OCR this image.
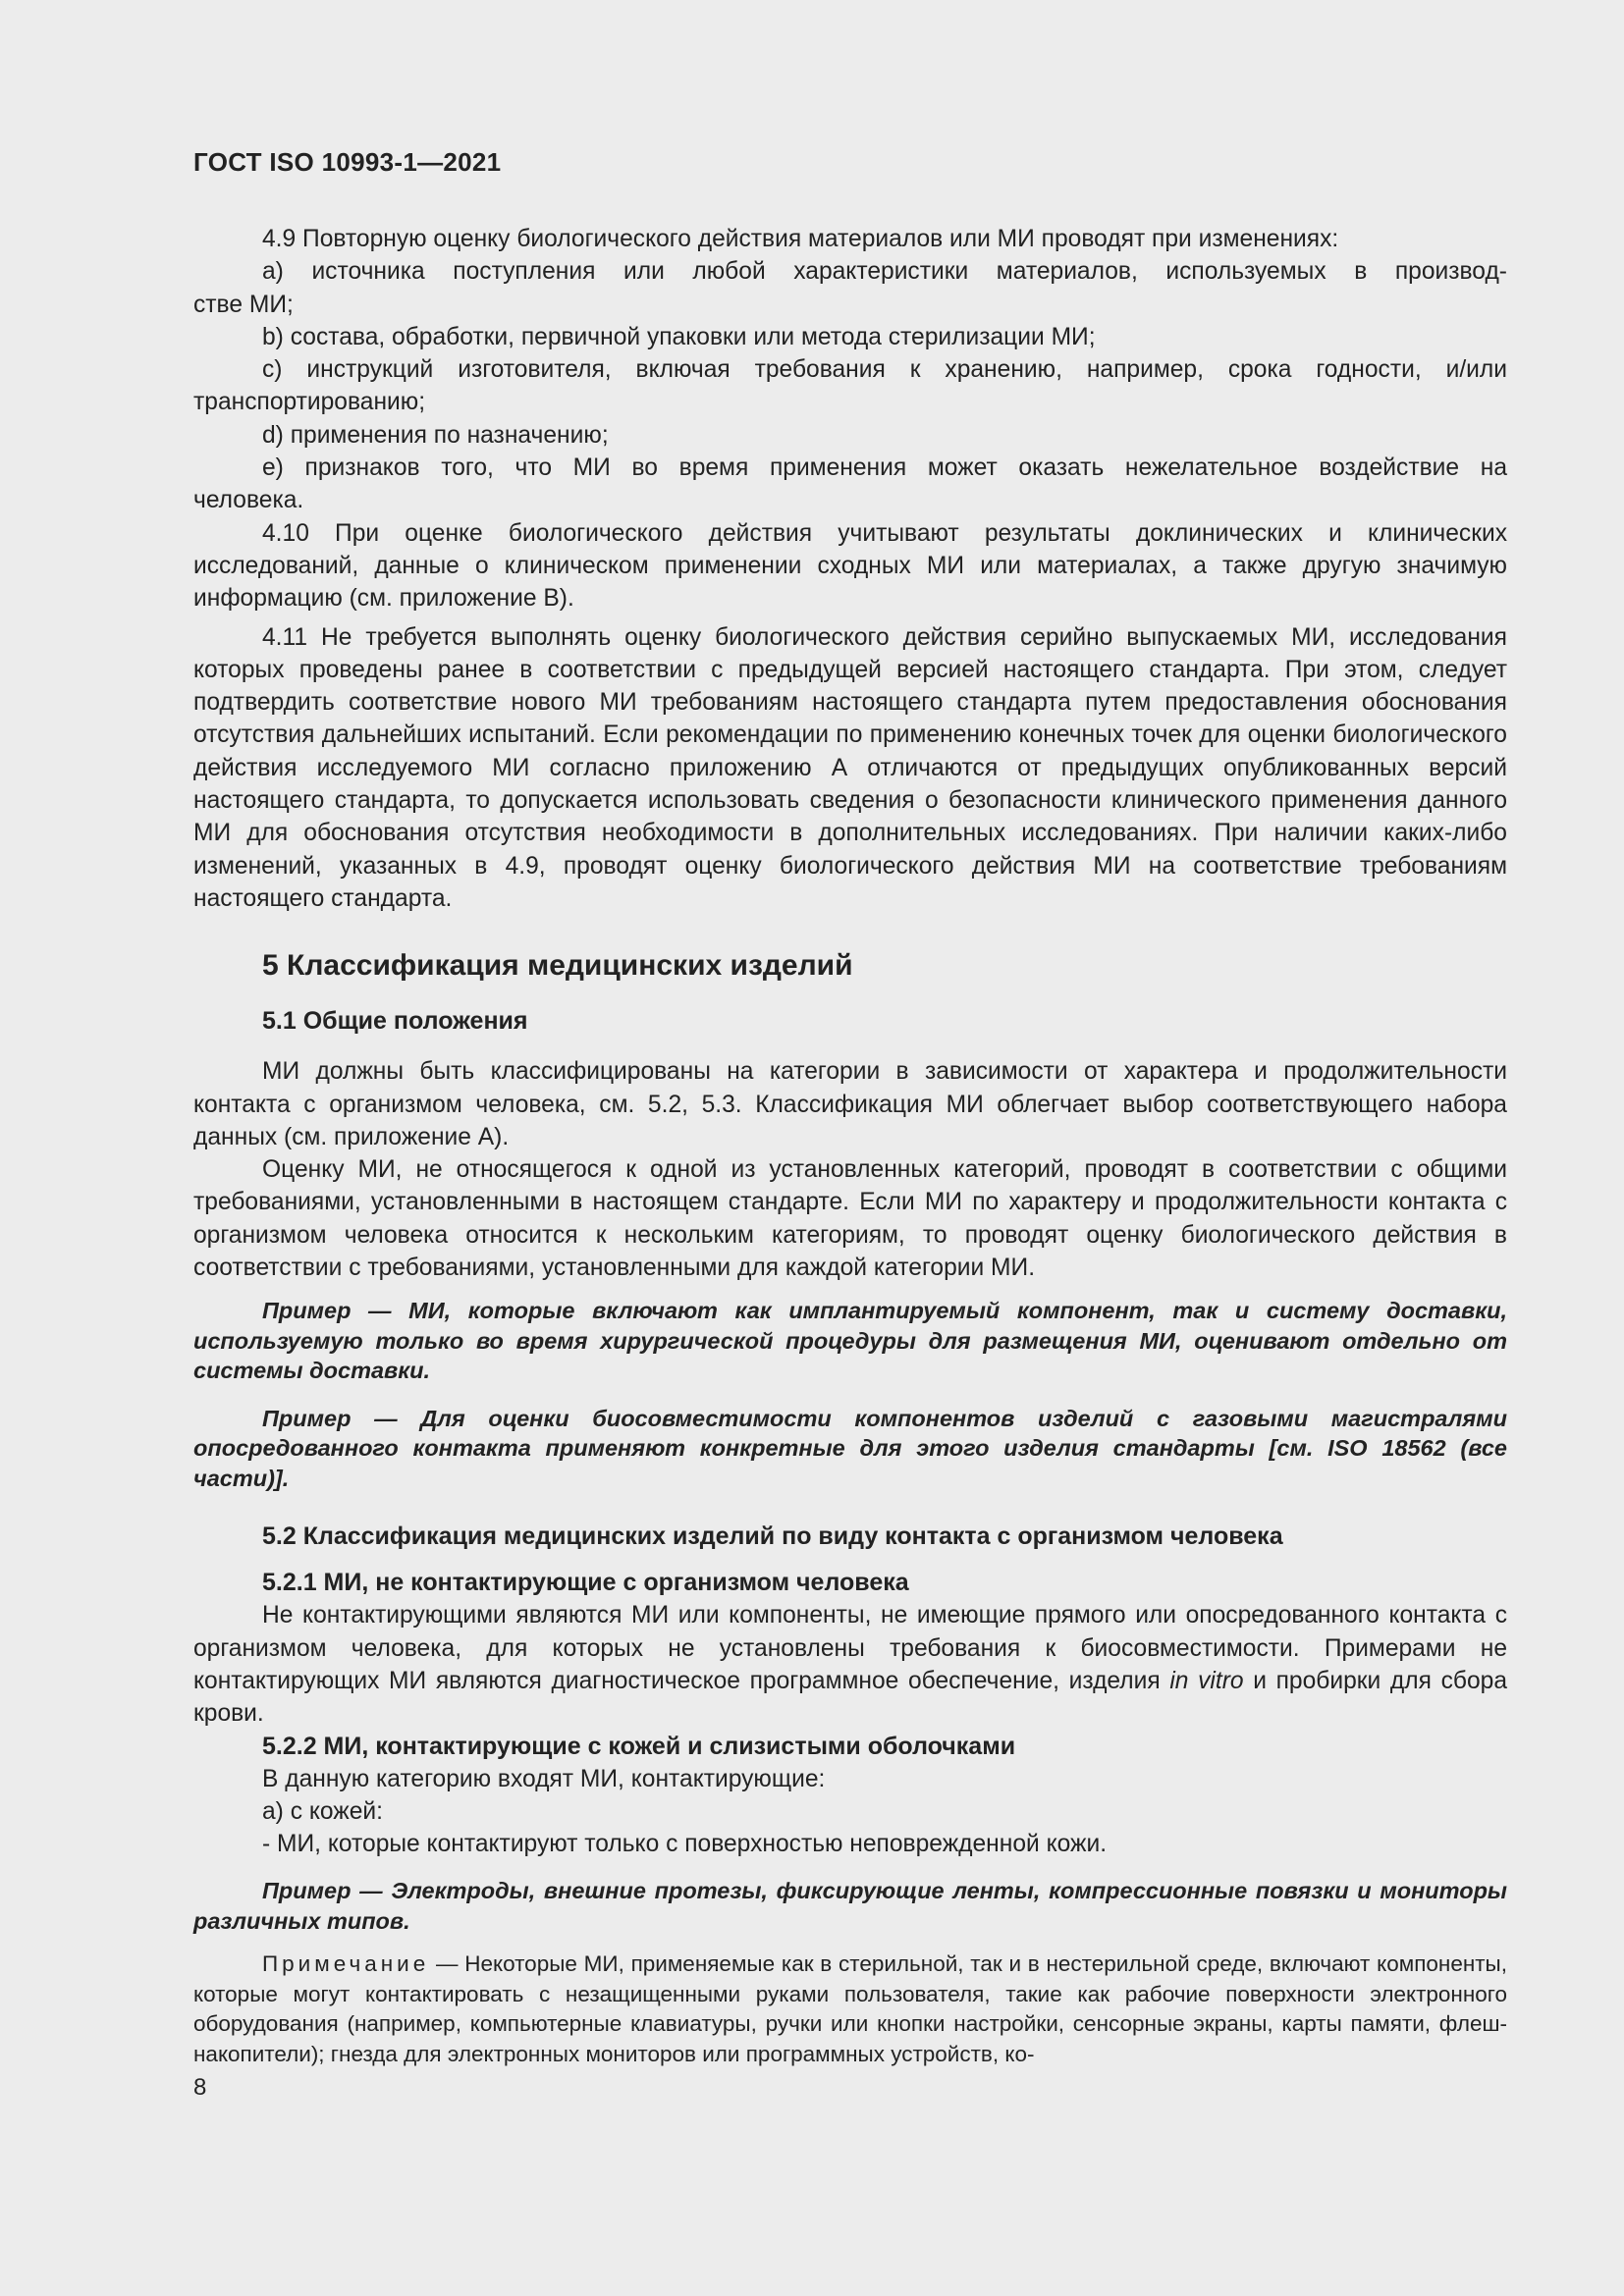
ГОСТ ISO 10993-1—2021

4.9 Повторную оценку биологического действия материалов или МИ проводят при изменениях:

а) источника поступления или любой характеристики материалов, используемых в производ-

стве МИ;

b) состава, обработки, первичной упаковки или метода стерилизации МИ;

c) инструкций изготовителя, включая требования к хранению, например, срока годности, и/или

транспортированию;

d) применения по назначению;

e) признаков того, что МИ во время применения может оказать нежелательное воздействие на

человека.

4.10 При оценке биологического действия учитывают результаты доклинических и клинических исследований, данные о клиническом применении сходных МИ или материалах, а также другую значимую информацию (см. приложение В).

4.11 Не требуется выполнять оценку биологического действия серийно выпускаемых МИ, исследования которых проведены ранее в соответствии с предыдущей версией настоящего стандарта. При этом, следует подтвердить соответствие нового МИ требованиям настоящего стандарта путем предоставления обоснования отсутствия дальнейших испытаний. Если рекомендации по применению конечных точек для оценки биологического действия исследуемого МИ согласно приложению А отличаются от предыдущих опубликованных версий настоящего стандарта, то допускается использовать сведения о безопасности клинического применения данного МИ для обоснования отсутствия необходимости в дополнительных исследованиях. При наличии каких-либо изменений, указанных в 4.9, проводят оценку биологического действия МИ на соответствие требованиям настоящего стандарта.

5 Классификация медицинских изделий
5.1 Общие положения

МИ должны быть классифицированы на категории в зависимости от характера и продолжительности контакта с организмом человека, см. 5.2, 5.3. Классификация МИ облегчает выбор соответствующего набора данных (см. приложение А).

Оценку МИ, не относящегося к одной из установленных категорий, проводят в соответствии с общими требованиями, установленными в настоящем стандарте. Если МИ по характеру и продолжительности контакта с организмом человека относится к нескольким категориям, то проводят оценку биологического действия в соответствии с требованиями, установленными для каждой категории МИ.

Пример — МИ, которые включают как имплантируемый компонент, так и систему доставки, используемую только во время хирургической процедуры для размещения МИ, оценивают отдельно от системы доставки.

Пример — Для оценки биосовместимости компонентов изделий с газовыми магистралями опосредованного контакта применяют конкретные для этого изделия стандарты [см. ISO 18562 (все части)].

5.2 Классификация медицинских изделий по виду контакта с организмом человека
5.2.1 МИ, не контактирующие с организмом человека

Не контактирующими являются МИ или компоненты, не имеющие прямого или опосредованного контакта с организмом человека, для которых не установлены требования к биосовместимости. Примерами не контактирующих МИ являются диагностическое программное обеспечение, изделия in vitro и пробирки для сбора крови.

5.2.2 МИ, контактирующие с кожей и слизистыми оболочками

В данную категорию входят МИ, контактирующие:

а) с кожей:

- МИ, которые контактируют только с поверхностью неповрежденной кожи.

Пример — Электроды, внешние протезы, фиксирующие ленты, компрессионные повязки и мониторы различных типов.

Примечание — Некоторые МИ, применяемые как в стерильной, так и в нестерильной среде, включают компоненты, которые могут контактировать с незащищенными руками пользователя, такие как рабочие поверхности электронного оборудования (например, компьютерные клавиатуры, ручки или кнопки настройки, сенсорные экраны, карты памяти, флеш-накопители); гнезда для электронных мониторов или программных устройств, ко-

8
